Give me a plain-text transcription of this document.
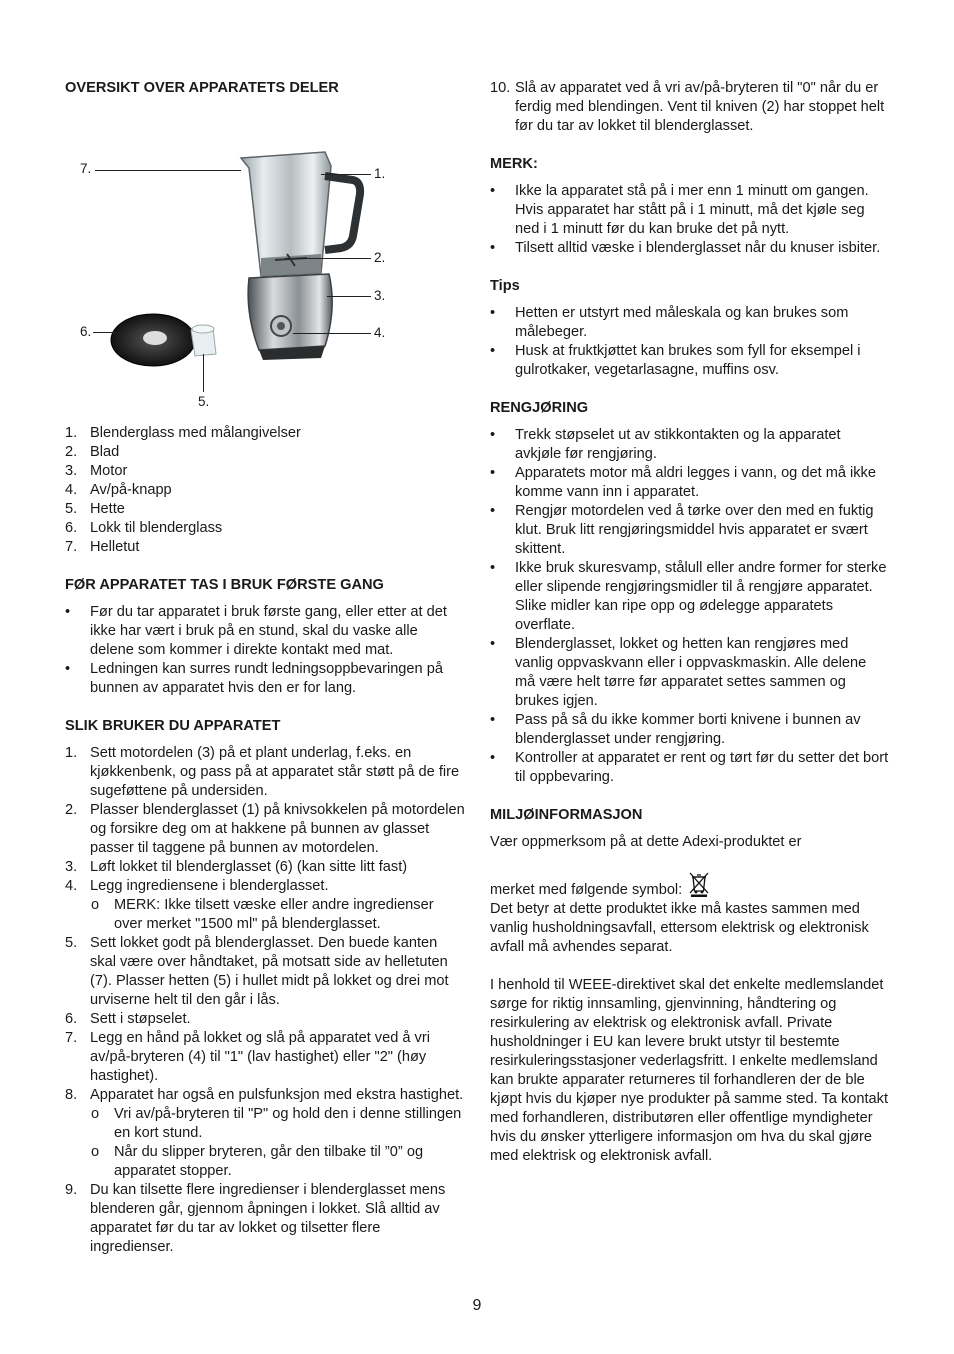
OVERSIKT OVER APPARATETS DELER
1.
2.
3.
4.
5.
6.
7.
1. Blenderglass med målangivelser
2. Blad
3. Motor
4. Av/på-knapp
5. Hette
6. Lokk til blenderglass
7. Helletut
FØR APPARATET TAS I BRUK FØRSTE GANG
• Før du tar apparatet i bruk første gang, eller etter at det ikke har vært i bruk på en stund, skal du vaske alle delene som kommer i direkte kontakt med mat.
• Ledningen kan surres rundt ledningsoppbevaringen på bunnen av apparatet hvis den er for lang.
SLIK BRUKER DU APPARATET
1. Sett motordelen (3) på et plant underlag, f.eks. en kjøkkenbenk, og pass på at apparatet står støtt på de fire sugeføttene på undersiden.
2. Plasser blenderglasset (1) på knivsokkelen på motordelen og forsikre deg om at hakkene på bunnen av glasset passer til taggene på bunnen av motordelen.
3. Løft lokket til blenderglasset (6) (kan sitte litt fast)
4. Legg ingrediensene i blenderglasset.
o MERK: Ikke tilsett væske eller andre ingredienser over merket "1500 ml" på blenderglasset.
5. Sett lokket godt på blenderglasset. Den buede kanten skal være over håndtaket, på motsatt side av helletuten (7). Plasser hetten (5) i hullet midt på lokket og drei mot urviserne helt til den går i lås.
6. Sett i støpselet.
7. Legg en hånd på lokket og slå på apparatet ved å vri av/på-bryteren (4) til "1" (lav hastighet) eller "2" (høy hastighet).
8. Apparatet har også en pulsfunksjon med ekstra hastighet.
o Vri av/på-bryteren til "P" og hold den i denne stillingen en kort stund.
o Når du slipper bryteren, går den tilbake til ”0” og apparatet stopper.
9. Du kan tilsette flere ingredienser i blenderglasset mens blenderen går, gjennom åpningen i lokket. Slå alltid av apparatet før du tar av lokket og tilsetter flere ingredienser.
10. Slå av apparatet ved å vri av/på-bryteren til "0" når du er ferdig med blendingen. Vent til kniven (2) har stoppet helt før du tar av lokket til blenderglasset.
MERK:
• Ikke la apparatet stå på i mer enn 1 minutt om gangen. Hvis apparatet har stått på i 1 minutt, må det kjøle seg ned i 1 minutt før du kan bruke det på nytt.
• Tilsett alltid væske i blenderglasset når du knuser isbiter.
Tips
• Hetten er utstyrt med måleskala og kan brukes som målebeger.
• Husk at fruktkjøttet kan brukes som fyll for eksempel i gulrotkaker, vegetarlasagne, muffins osv.
RENGJØRING
• Trekk støpselet ut av stikkontakten og la apparatet avkjøle før rengjøring.
• Apparatets motor må aldri legges i vann, og det må ikke komme vann inn i apparatet.
• Rengjør motordelen ved å tørke over den med en fuktig klut. Bruk litt rengjøringsmiddel hvis apparatet er svært skittent.
• Ikke bruk skuresvamp, stålull eller andre former for sterke eller slipende rengjøringsmidler til å rengjøre apparatet. Slike midler kan ripe opp og ødelegge apparatets overflate.
• Blenderglasset, lokket og hetten kan rengjøres med vanlig oppvaskvann eller i oppvaskmaskin. Alle delene må være helt tørre før apparatet settes sammen og brukes igjen.
• Pass på så du ikke kommer borti knivene i bunnen av blenderglasset under rengjøring.
• Kontroller at apparatet er rent og tørt før du setter det bort til oppbevaring.
MILJØINFORMASJON

Vær oppmerksom på at dette Adexi-produktet er

merket med følgende symbol:

Det betyr at dette produktet ikke må kastes sammen med vanlig husholdningsavfall, ettersom elektrisk og elektronisk avfall må avhendes separat.

I henhold til WEEE-direktivet skal det enkelte medlemslandet sørge for riktig innsamling, gjenvinning, håndtering og resirkulering av elektrisk og elektronisk avfall. Private husholdninger i EU kan levere brukt utstyr til bestemte resirkuleringsstasjoner vederlagsfritt. I enkelte medlemsland kan brukte apparater returneres til forhandleren der de ble kjøpt hvis du kjøper nye produkter på samme sted. Ta kontakt med forhandleren, distributøren eller offentlige myndigheter hvis du ønsker ytterligere informasjon om hva du skal gjøre med elektrisk og elektronisk avfall.

9
